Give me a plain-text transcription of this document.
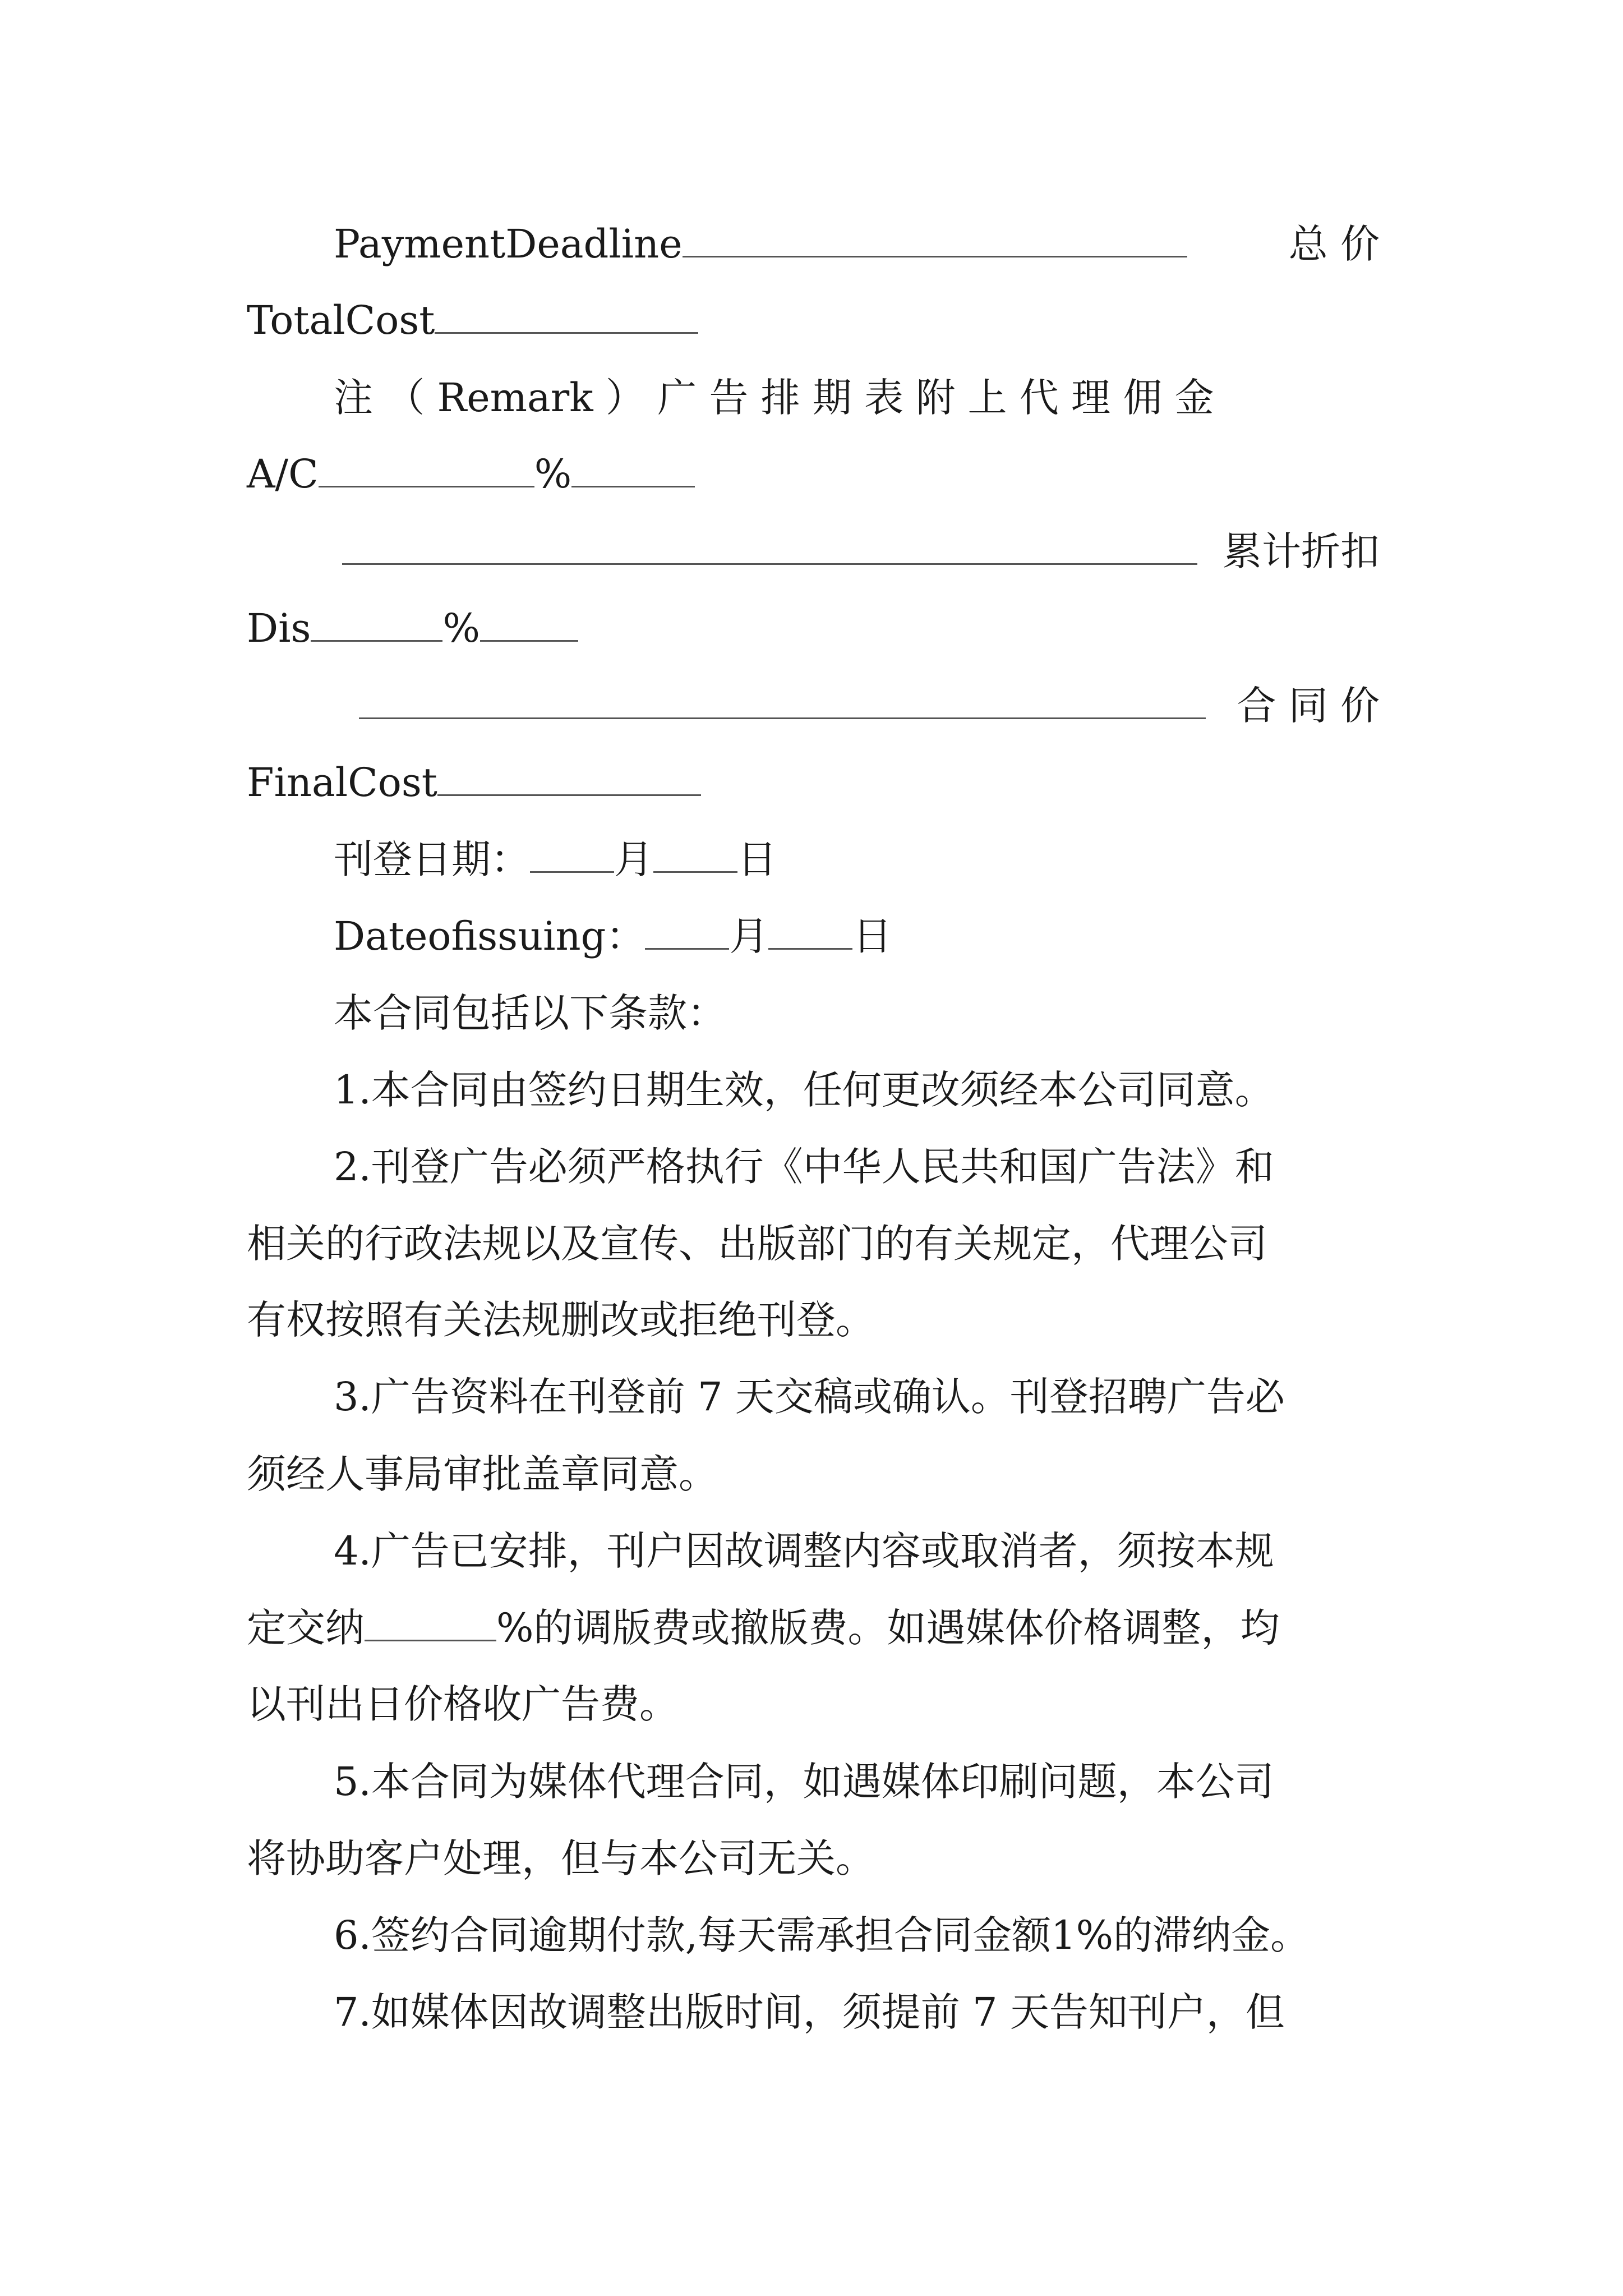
PaymentDeadline	总 价
TotalCost
注 （ Remark ） 广 告 排 期 表 附 上 代 理 佣 金
A/C	%
累计折扣
Dis	%
合 同 价
FinalCost
刊登日期： 月 日
Dateofissuing： 月 日
本合同包括以下条款：
1.本合同由签约日期生效，任何更改须经本公司同意。
2.刊登广告必须严格执行《中华人民共和国广告法》和
相关的行政法规以及宣传、出版部门的有关规定，代理公司
有权按照有关法规删改或拒绝刊登。
3.广告资料在刊登前 7 天交稿或确认。刊登招聘广告必
须经人事局审批盖章同意。
4.广告已安排，刊户因故调整内容或取消者，须按本规
定交纳	%的调版费或撤版费。如遇媒体价格调整，均
以刊出日价格收广告费。
5.本合同为媒体代理合同，如遇媒体印刷问题，本公司
将协助客户处理，但与本公司无关。
6.签约合同逾期付款,每天需承担合同金额1%的滞纳金。
7.如媒体因故调整出版时间，须提前 7 天告知刊户，但
